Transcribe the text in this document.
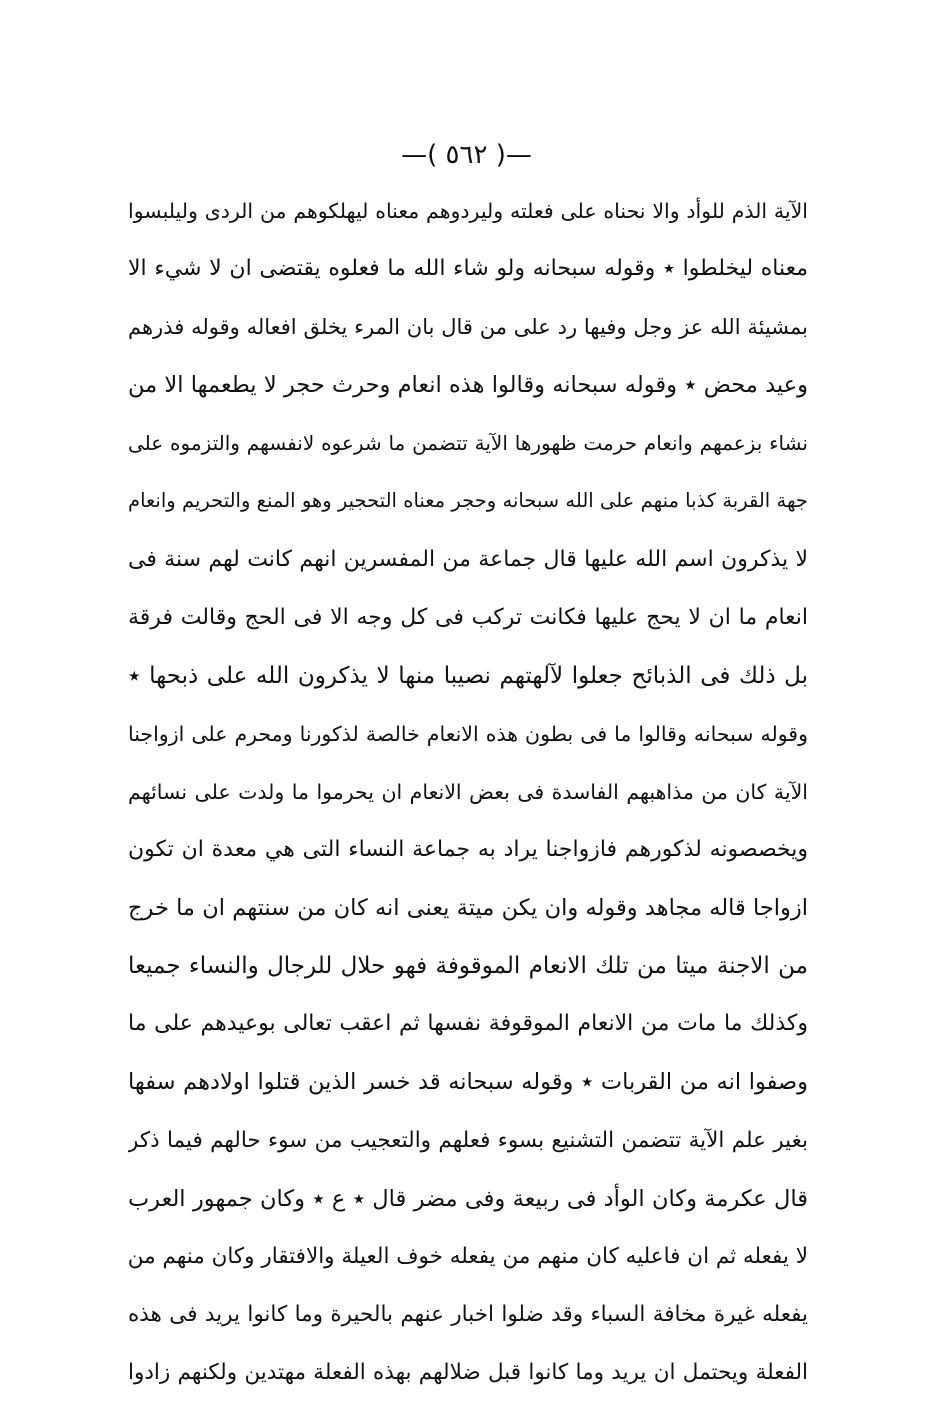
—( ٥٦٢ )—
الآية الذم للوأد والا نحناه على فعلته وليردوهم معناه ليهلكوهم من الردى وليلبسوا
معناه ليخلطوا ٭ وقوله سبحانه ولو شاء الله ما فعلوه يقتضى ان لا شيء الا
بمشيئة الله عز وجل وفيها رد على من قال بان المرء يخلق افعاله وقوله فذرهم
وعيد محض ٭ وقوله سبحانه وقالوا هذه انعام وحرث حجر لا يطعمها الا من
نشاء بزعمهم وانعام حرمت ظهورها الآية تتضمن ما شرعوه لانفسهم والتزموه على
جهة القربة كذبا منهم على الله سبحانه وحجر معناه التحجير وهو المنع والتحريم وانعام
لا يذكرون اسم الله عليها قال جماعة من المفسرين انهم كانت لهم سنة فى
انعام ما ان لا يحج عليها فكانت تركب فى كل وجه الا فى الحج وقالت فرقة
بل ذلك فى الذبائح جعلوا لآلهتهم نصيبا منها لا يذكرون الله على ذبحها ٭
وقوله سبحانه وقالوا ما فى بطون هذه الانعام خالصة لذكورنا ومحرم على ازواجنا
الآية كان من مذاهبهم الفاسدة فى بعض الانعام ان يحرموا ما ولدت على نسائهم
ويخصصونه لذكورهم فازواجنا يراد به جماعة النساء التى هي معدة ان تكون
ازواجا قاله مجاهد وقوله وان يكن ميتة يعنى انه كان من سنتهم ان ما خرج
من الاجنة ميتا من تلك الانعام الموقوفة فهو حلال للرجال والنساء جميعا
وكذلك ما مات من الانعام الموقوفة نفسها ثم اعقب تعالى بوعيدهم على ما
وصفوا انه من القربات ٭ وقوله سبحانه قد خسر الذين قتلوا اولادهم سفها
بغير علم الآية تتضمن التشنيع بسوء فعلهم والتعجيب من سوء حالهم فيما ذكر
قال عكرمة وكان الوأد فى ربيعة وفى مضر قال ٭ ع ٭ وكان جمهور العرب
لا يفعله ثم ان فاعليه كان منهم من يفعله خوف العيلة والافتقار وكان منهم من
يفعله غيرة مخافة السباء وقد ضلوا اخبار عنهم بالحيرة وما كانوا يريد فى هذه
الفعلة ويحتمل ان يريد وما كانوا قبل ضلالهم بهذه الفعلة مهتدين ولكنهم زادوا
